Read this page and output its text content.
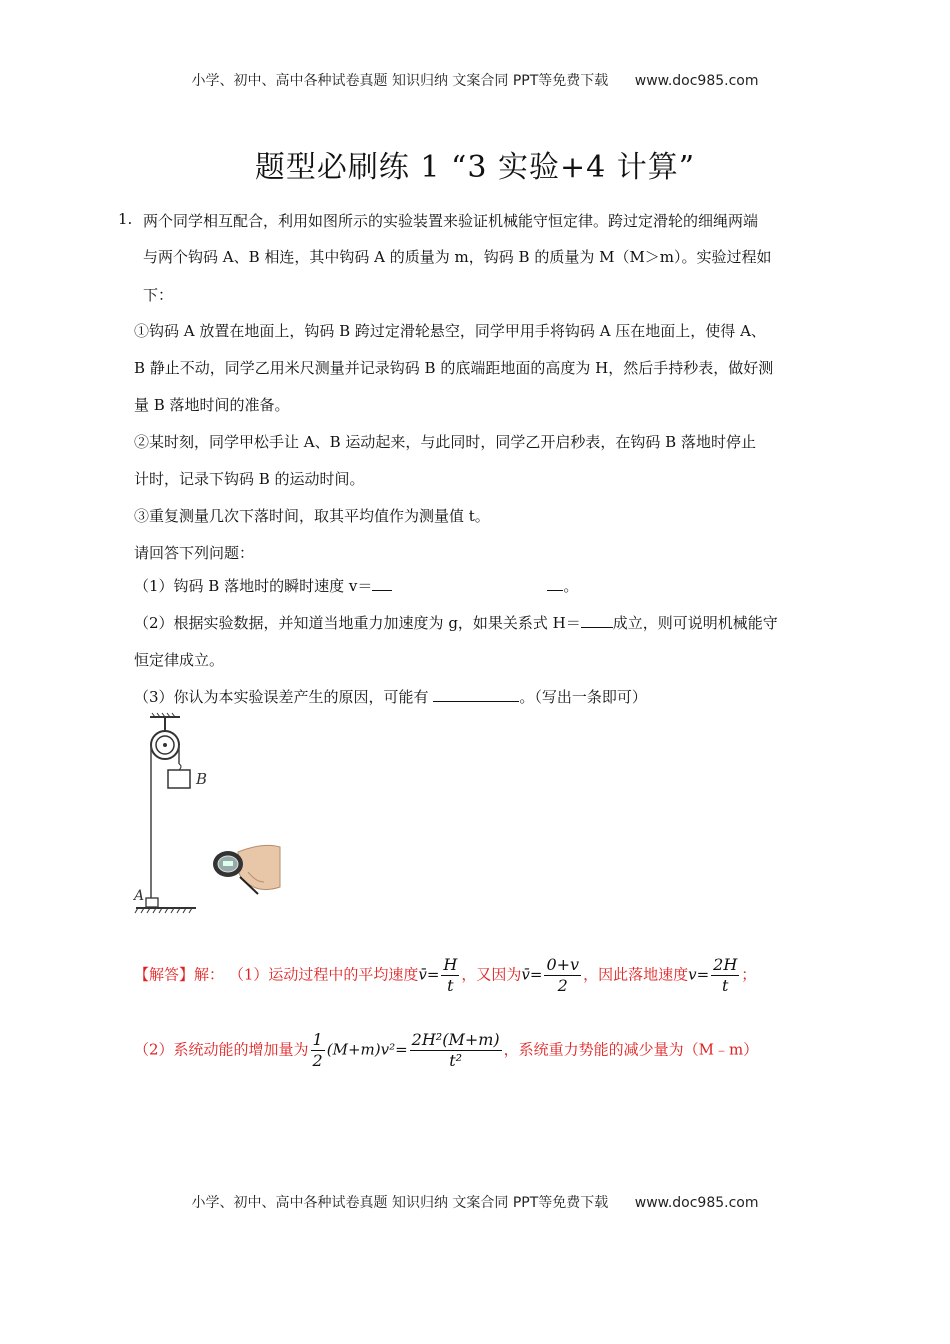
小学、初中、高中各种试卷真题 知识归纳 文案合同 PPT等免费下载 www.doc985.com
题型必刷练 1 “3 实验+4 计算”
1. 两个同学相互配合，利用如图所示的实验装置来验证机械能守恒定律。跨过定滑轮的细绳两端
与两个钩码 A、B 相连，其中钩码 A 的质量为 m，钩码 B 的质量为 M（M＞m）。实验过程如
下：
①钩码 A 放置在地面上，钩码 B 跨过定滑轮悬空，同学甲用手将钩码 A 压在地面上，使得 A、
B 静止不动，同学乙用米尺测量并记录钩码 B 的底端距地面的高度为 H，然后手持秒表，做好测
量 B 落地时间的准备。
②某时刻，同学甲松手让 A、B 运动起来，与此同时，同学乙开启秒表，在钩码 B 落地时停止
计时，记录下钩码 B 的运动时间。
③重复测量几次下落时间，取其平均值作为测量值 t。
请回答下列问题：
（1）钩码 B 落地时的瞬时速度 v＝	。
（2）根据实验数据，并知道当地重力加速度为 g，如果关系式 H＝ 成立，则可说明机械能守
恒定律成立。
（3）你认为本实验误差产生的原因，可能有	。（写出一条即可）
B
A
【解答】解： （1）运动过程中的平均速度v̄= $\frac{H}{t}$ ，又因为v̄= $\frac{0+v}{2}$ ，因此落地速度$v= \frac{2H}{t}$ ；
（2）系统动能的增加量为 $\frac{1}{2} (M+m)v^2= \frac{\text{2H²(M+m)}}{\text{t²}}$ ，系统重力势能的减少量为（M﹣m）
小学、初中、高中各种试卷真题 知识归纳 文案合同 PPT等免费下载 www.doc985.com
